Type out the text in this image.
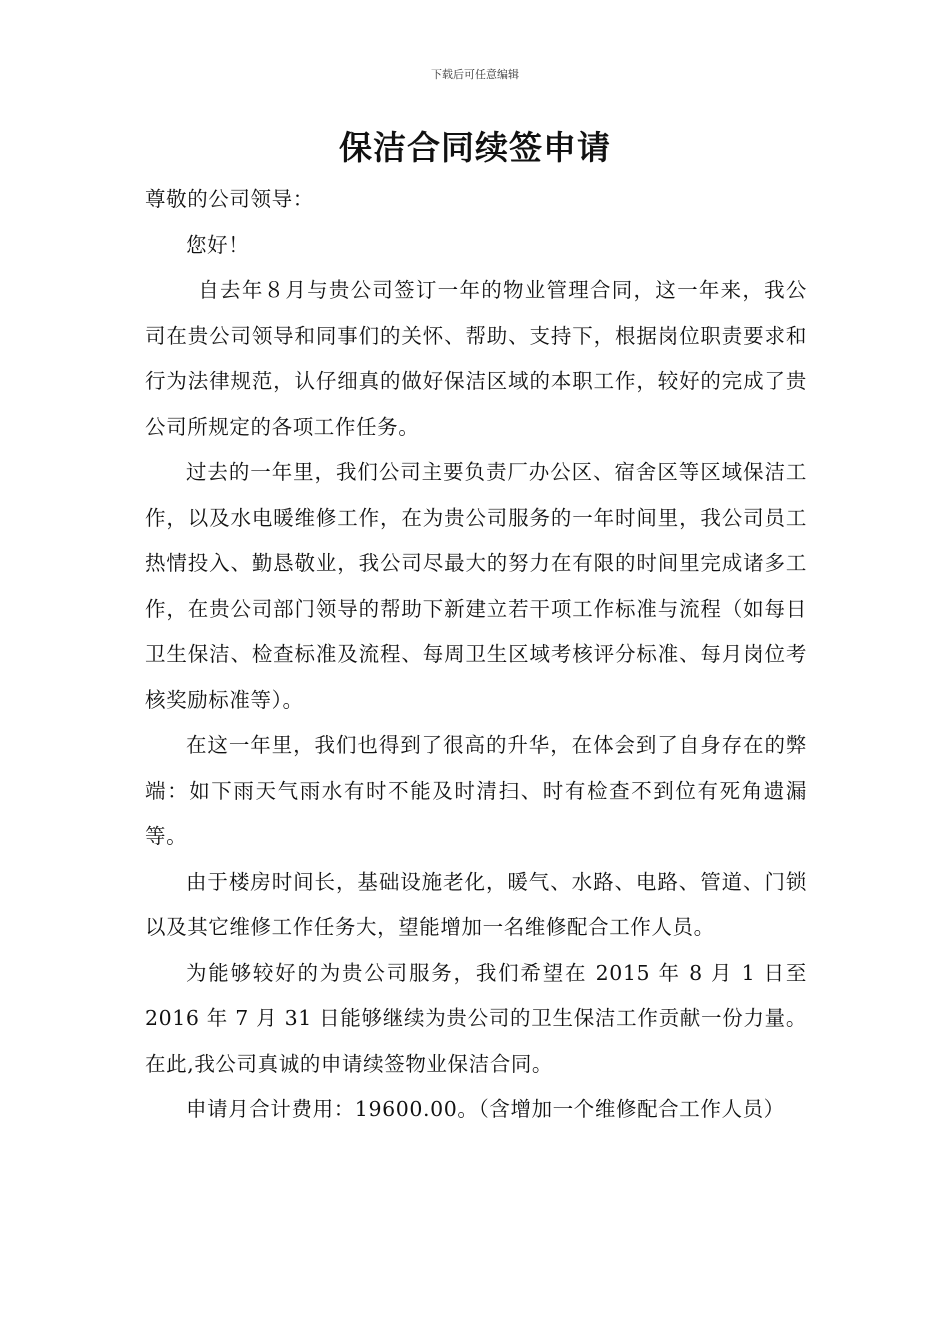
下载后可任意编辑
保洁合同续签申请

尊敬的公司领导：

您好！

自去年８月与贵公司签订一年的物业管理合同，这一年来，我公司在贵公司领导和同事们的关怀、帮助、支持下，根据岗位职责要求和行为法律规范，认仔细真的做好保洁区域的本职工作，较好的完成了贵公司所规定的各项工作任务。

过去的一年里，我们公司主要负责厂办公区、宿舍区等区域保洁工作，以及水电暖维修工作，在为贵公司服务的一年时间里，我公司员工热情投入、勤恳敬业，我公司尽最大的努力在有限的时间里完成诸多工作，在贵公司部门领导的帮助下新建立若干项工作标准与流程（如每日卫生保洁、检查标准及流程、每周卫生区域考核评分标准、每月岗位考核奖励标准等）。

在这一年里，我们也得到了很高的升华，在体会到了自身存在的弊端：如下雨天气雨水有时不能及时清扫、时有检查不到位有死角遗漏等。

由于楼房时间长，基础设施老化，暖气、水路、电路、管道、门锁以及其它维修工作任务大，望能增加一名维修配合工作人员。

为能够较好的为贵公司服务，我们希望在 2015 年 8 月 1 日至 2016 年 7 月 31 日能够继续为贵公司的卫生保洁工作贡献一份力量。在此,我公司真诚的申请续签物业保洁合同。

申请月合计费用：19600.00。（含增加一个维修配合工作人员）
